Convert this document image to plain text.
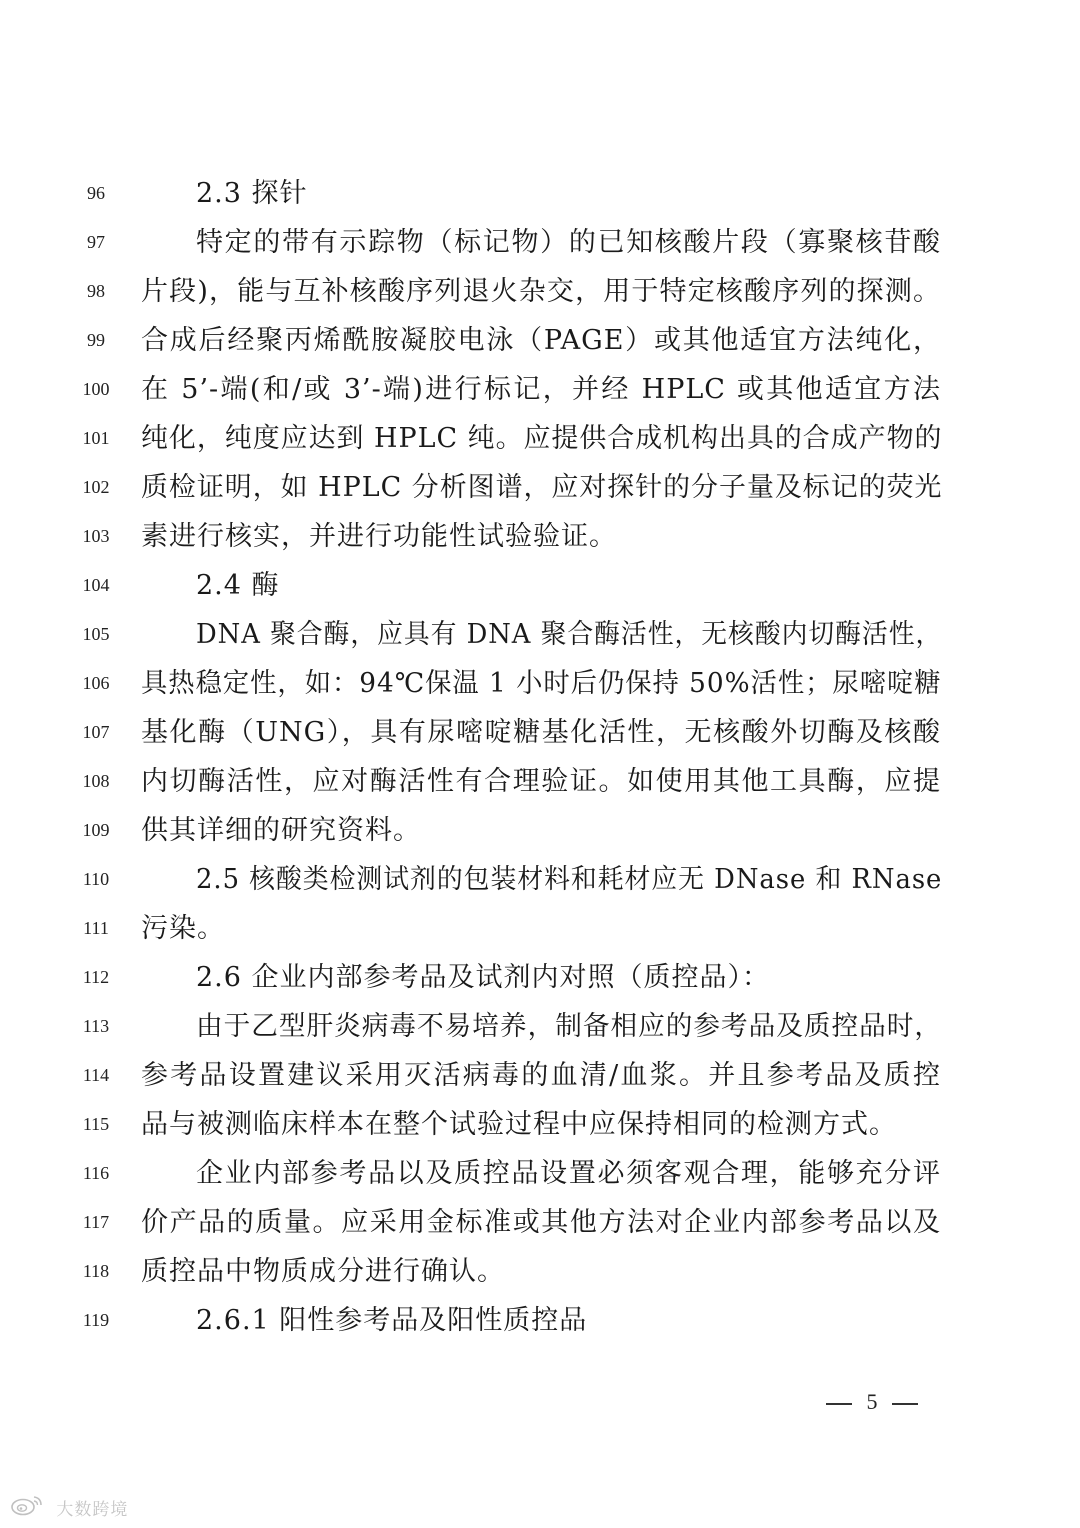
96	2.3 探针
97	特定的带有示踪物（标记物）的已知核酸片段（寡聚核苷酸
98	片段)，能与互补核酸序列退火杂交，用于特定核酸序列的探测。
99	合成后经聚丙烯酰胺凝胶电泳（PAGE）或其他适宜方法纯化，
100	在 5’-端(和/或 3’-端)进行标记，并经 HPLC 或其他适宜方法
101	纯化，纯度应达到 HPLC 纯。应提供合成机构出具的合成产物的
102	质检证明，如 HPLC 分析图谱，应对探针的分子量及标记的荧光
103	素进行核实，并进行功能性试验验证。
104	2.4 酶
105	DNA 聚合酶，应具有 DNA 聚合酶活性，无核酸内切酶活性，
106	具热稳定性，如：94℃保温 1 小时后仍保持 50%活性；尿嘧啶糖
107	基化酶（UNG），具有尿嘧啶糖基化活性，无核酸外切酶及核酸
108	内切酶活性，应对酶活性有合理验证。如使用其他工具酶，应提
109	供其详细的研究资料。
110	2.5 核酸类检测试剂的包装材料和耗材应无 DNase 和 RNase
111	污染。
112	2.6 企业内部参考品及试剂内对照（质控品）：
113	由于乙型肝炎病毒不易培养，制备相应的参考品及质控品时，
114	参考品设置建议采用灭活病毒的血清/血浆。并且参考品及质控
115	品与被测临床样本在整个试验过程中应保持相同的检测方式。
116	企业内部参考品以及质控品设置必须客观合理，能够充分评
117	价产品的质量。应采用金标准或其他方法对企业内部参考品以及
118	质控品中物质成分进行确认。
119	2.6.1 阳性参考品及阳性质控品
5
大数跨境
